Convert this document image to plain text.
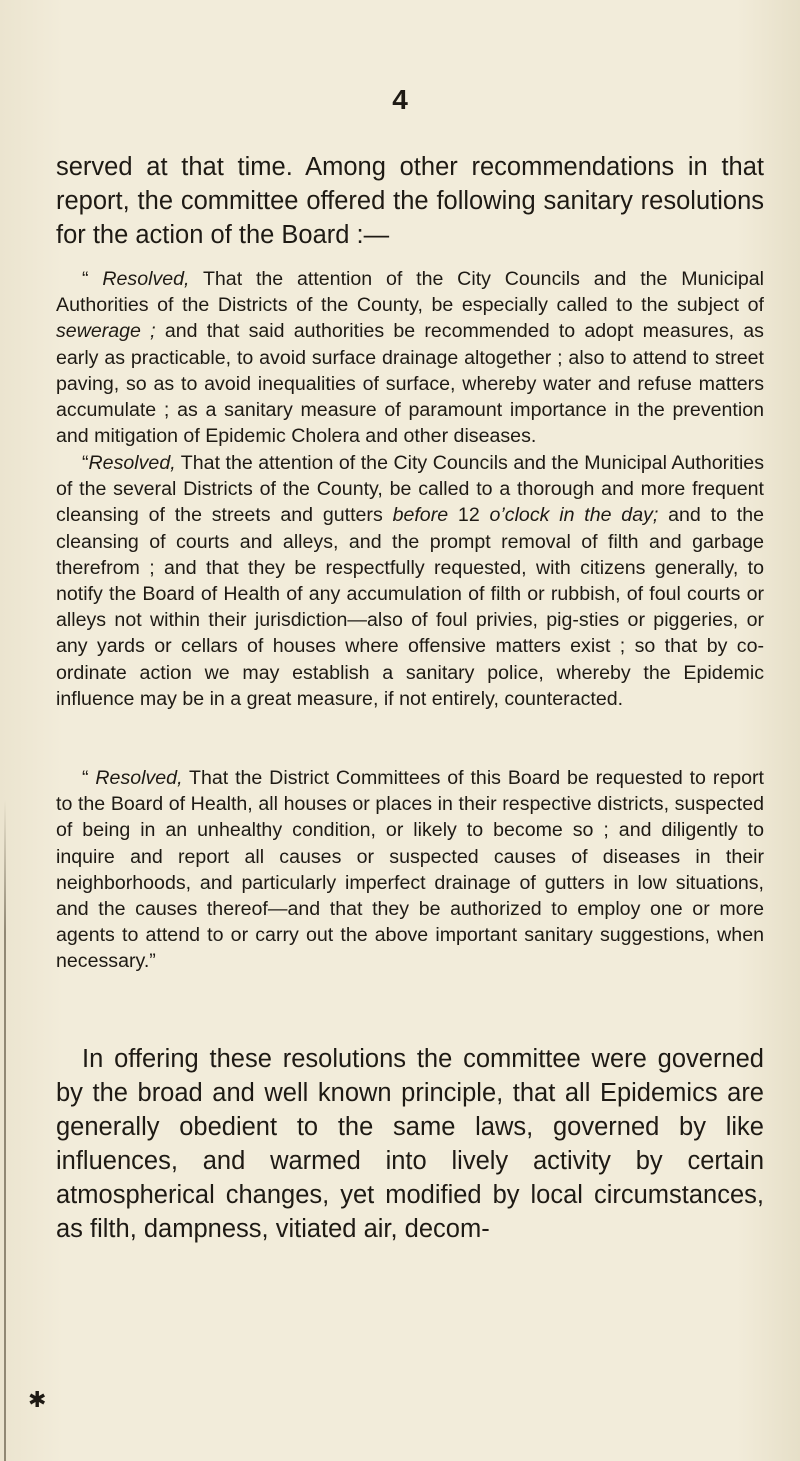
4

served at that time. Among other recommendations in that report, the committee offered the following sanitary resolutions for the action of the Board :—

“ Resolved, That the attention of the City Councils and the Municipal Authorities of the Districts of the County, be especially called to the subject of sewerage ; and that said authorities be recommended to adopt measures, as early as practicable, to avoid surface drainage altogether ; also to attend to street paving, so as to avoid inequalities of surface, whereby water and refuse matters accumulate ; as a sanitary measure of paramount importance in the prevention and mitigation of Epidemic Cholera and other diseases.

“Resolved, That the attention of the City Councils and the Municipal Authorities of the several Districts of the County, be called to a thorough and more frequent cleansing of the streets and gutters before 12 o’clock in the day; and to the cleansing of courts and alleys, and the prompt removal of filth and garbage therefrom ; and that they be respectfully requested, with citizens generally, to notify the Board of Health of any accumulation of filth or rubbish, of foul courts or alleys not within their jurisdiction—also of foul privies, pig-sties or piggeries, or any yards or cellars of houses where offensive matters exist ; so that by co-ordinate action we may establish a sanitary police, whereby the Epidemic influence may be in a great measure, if not entirely, counteracted.

“ Resolved, That the District Committees of this Board be requested to report to the Board of Health, all houses or places in their respective districts, suspected of being in an unhealthy condition, or likely to become so ; and diligently to inquire and report all causes or suspected causes of diseases in their neighborhoods, and particularly imperfect drainage of gutters in low situations, and the causes thereof—and that they be authorized to employ one or more agents to attend to or carry out the above important sanitary suggestions, when necessary.”

In offering these resolutions the committee were governed by the broad and well known principle, that all Epidemics are generally obedient to the same laws, governed by like influences, and warmed into lively activity by certain atmospherical changes, yet modified by local circumstances, as filth, dampness, vitiated air, decom-

✱
